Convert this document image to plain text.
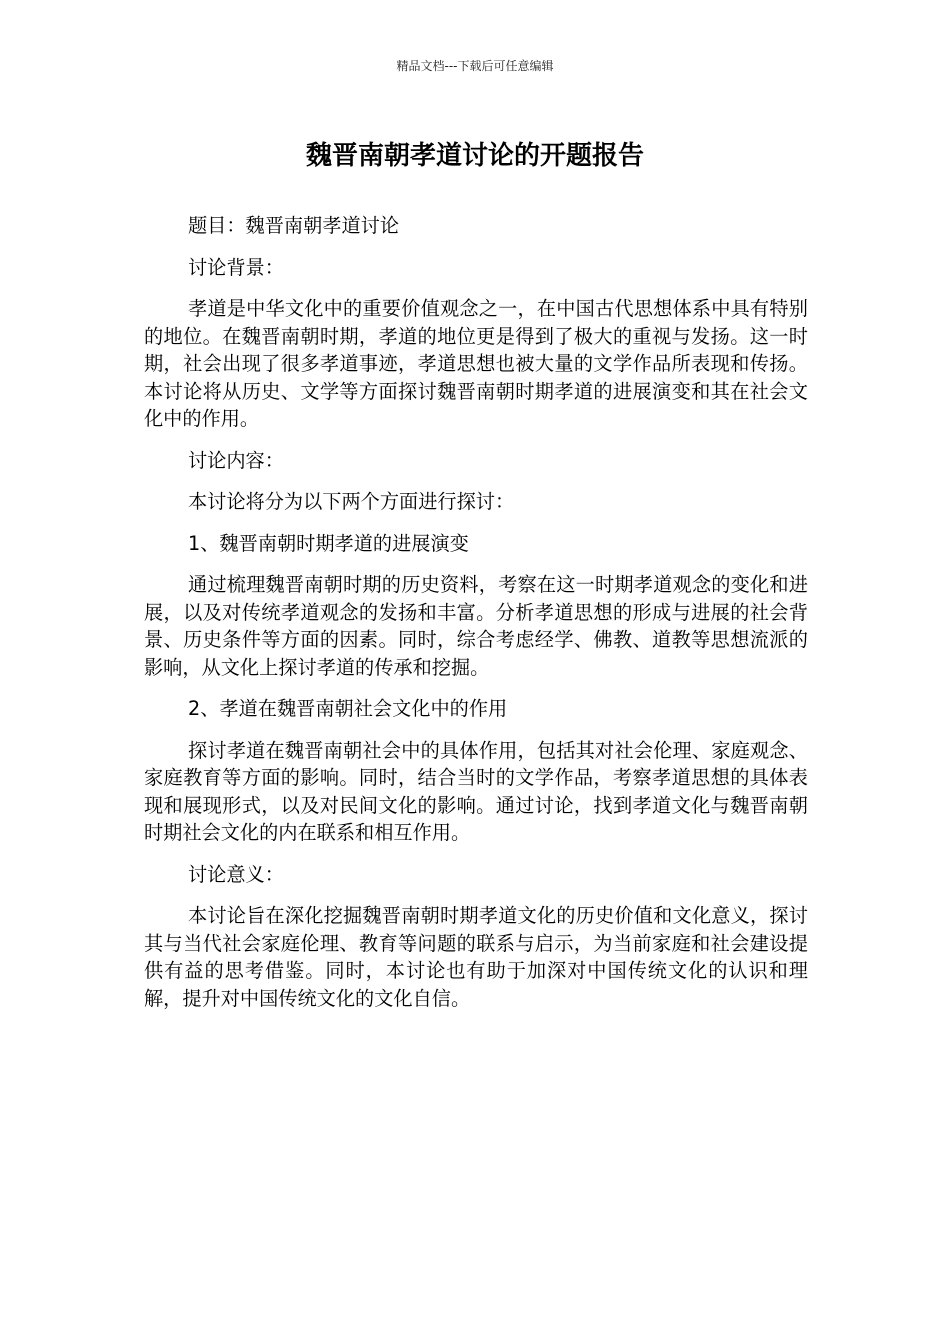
精品文档---下载后可任意编辑
魏晋南朝孝道讨论的开题报告

题目：魏晋南朝孝道讨论

讨论背景：

孝道是中华文化中的重要价值观念之一，在中国古代思想体系中具有特别的地位。在魏晋南朝时期，孝道的地位更是得到了极大的重视与发扬。这一时期，社会出现了很多孝道事迹，孝道思想也被大量的文学作品所表现和传扬。本讨论将从历史、文学等方面探讨魏晋南朝时期孝道的进展演变和其在社会文化中的作用。

讨论内容：

本讨论将分为以下两个方面进行探讨：

1、魏晋南朝时期孝道的进展演变

通过梳理魏晋南朝时期的历史资料，考察在这一时期孝道观念的变化和进展，以及对传统孝道观念的发扬和丰富。分析孝道思想的形成与进展的社会背景、历史条件等方面的因素。同时，综合考虑经学、佛教、道教等思想流派的影响，从文化上探讨孝道的传承和挖掘。

2、孝道在魏晋南朝社会文化中的作用

探讨孝道在魏晋南朝社会中的具体作用，包括其对社会伦理、家庭观念、家庭教育等方面的影响。同时，结合当时的文学作品，考察孝道思想的具体表现和展现形式，以及对民间文化的影响。通过讨论，找到孝道文化与魏晋南朝时期社会文化的内在联系和相互作用。

讨论意义：

本讨论旨在深化挖掘魏晋南朝时期孝道文化的历史价值和文化意义，探讨其与当代社会家庭伦理、教育等问题的联系与启示，为当前家庭和社会建设提供有益的思考借鉴。同时，本讨论也有助于加深对中国传统文化的认识和理解，提升对中国传统文化的文化自信。
